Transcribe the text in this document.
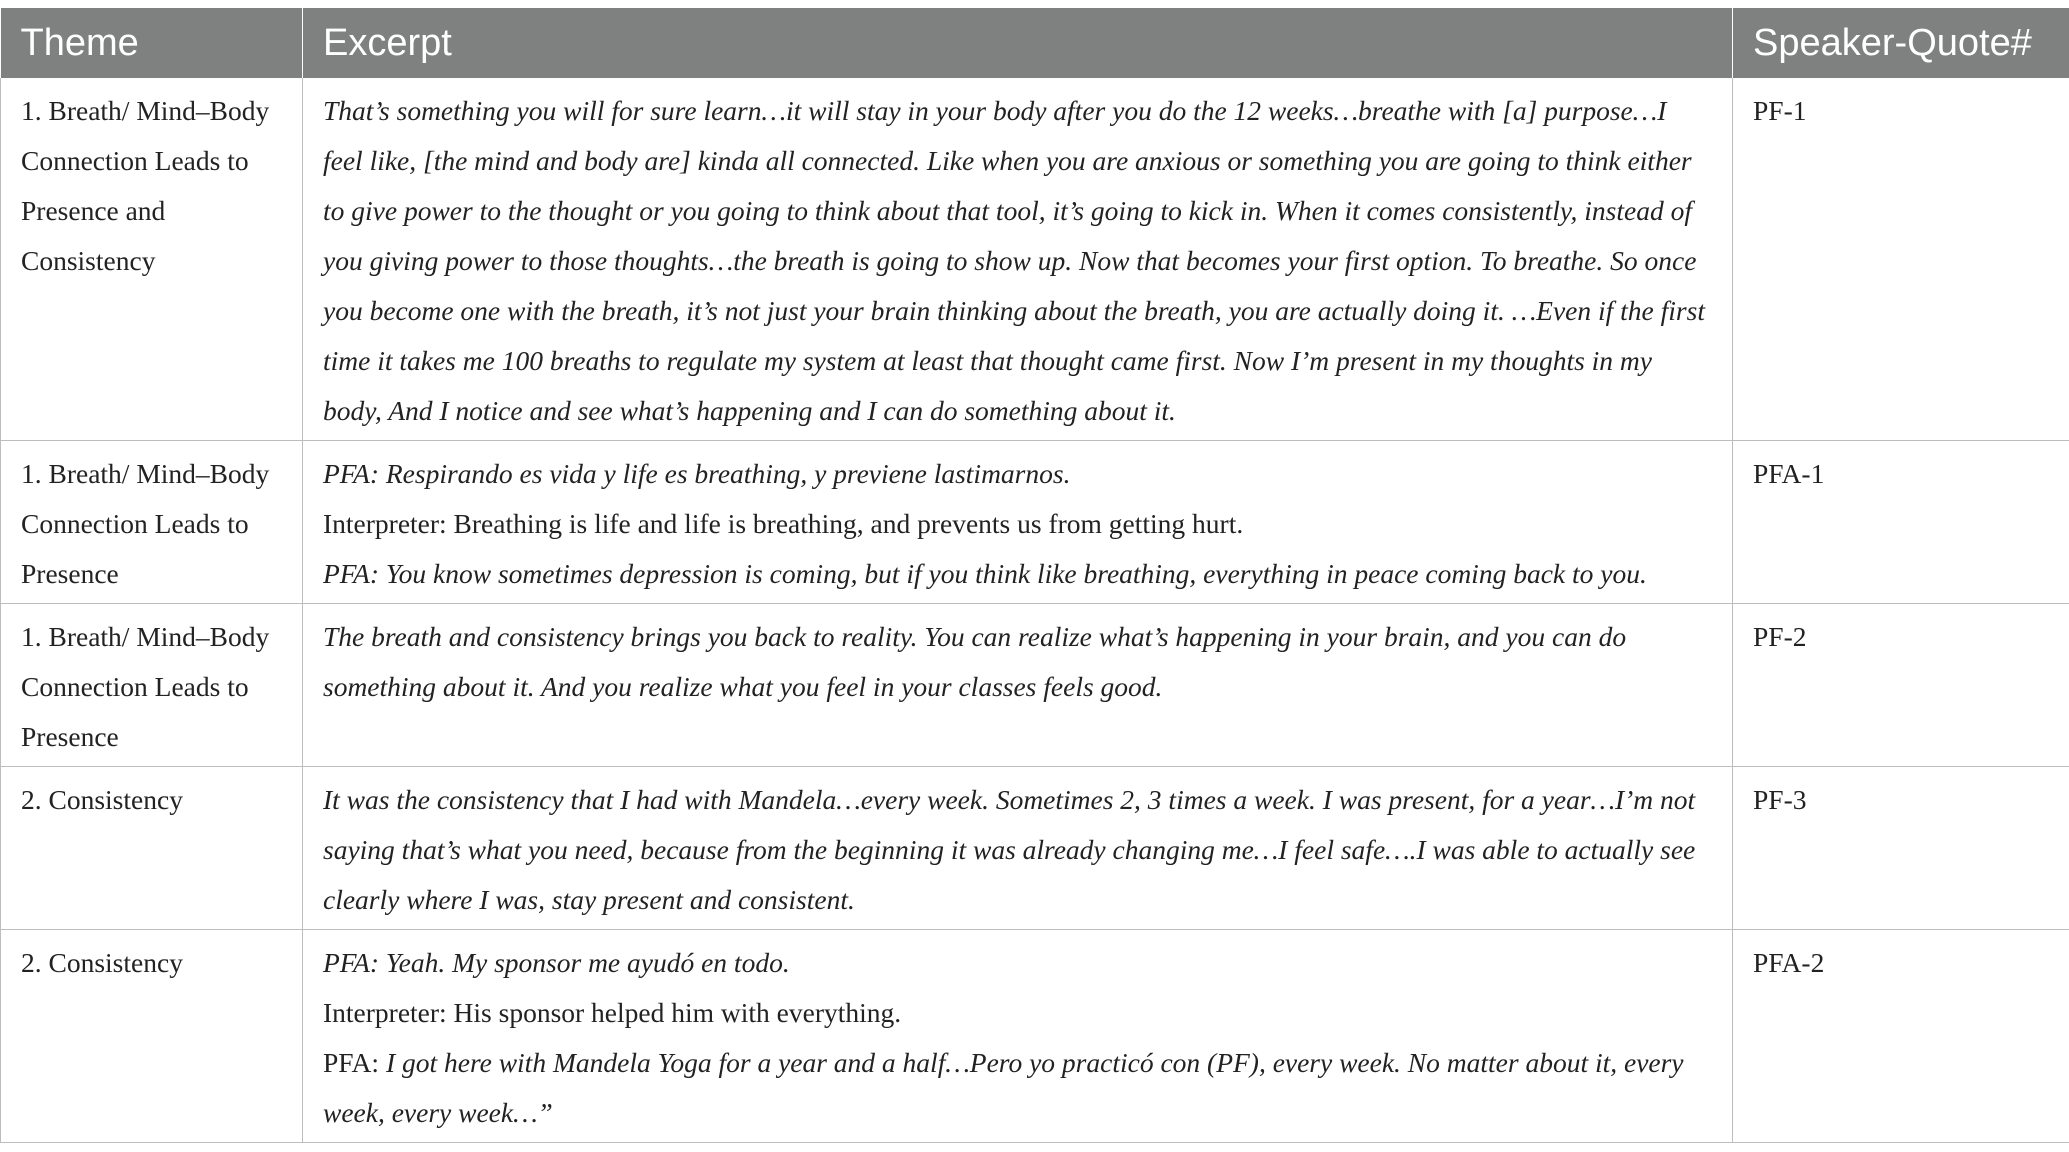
Theme	Excerpt	Speaker-Quote#
1. Breath/ Mind–Body Connection Leads to Presence and Consistency	That’s something you will for sure learn…it will stay in your body after you do the 12 weeks…breathe with [a] purpose…I feel like, [the mind and body are] kinda all connected. Like when you are anxious or something you are going to think either to give power to the thought or you going to think about that tool, it’s going to kick in. When it comes consistently, instead of you giving power to those thoughts…the breath is going to show up. Now that becomes your first option. To breathe. So once you become one with the breath, it’s not just your brain thinking about the breath, you are actually doing it. …Even if the first time it takes me 100 breaths to regulate my system at least that thought came first. Now I’m present in my thoughts in my body, And I notice and see what’s happening and I can do something about it.	PF-1
1. Breath/ Mind–Body Connection Leads to Presence	PFA: Respirando es vida y life es breathing, y previene lastimarnos.
Interpreter: Breathing is life and life is breathing, and prevents us from getting hurt.
PFA: You know sometimes depression is coming, but if you think like breathing, everything in peace coming back to you.	PFA-1
1. Breath/ Mind–Body Connection Leads to Presence	The breath and consistency brings you back to reality. You can realize what’s happening in your brain, and you can do something about it. And you realize what you feel in your classes feels good.	PF-2
2. Consistency	It was the consistency that I had with Mandela…every week. Sometimes 2, 3 times a week. I was present, for a year…I’m not saying that’s what you need, because from the beginning it was already changing me…I feel safe….I was able to actually see clearly where I was, stay present and consistent.	PF-3
2. Consistency	PFA: Yeah. My sponsor me ayudó en todo.
Interpreter: His sponsor helped him with everything.
PFA: I got here with Mandela Yoga for a year and a half…Pero yo practicó con (PF), every week. No matter about it, every week, every week…”	PFA-2
